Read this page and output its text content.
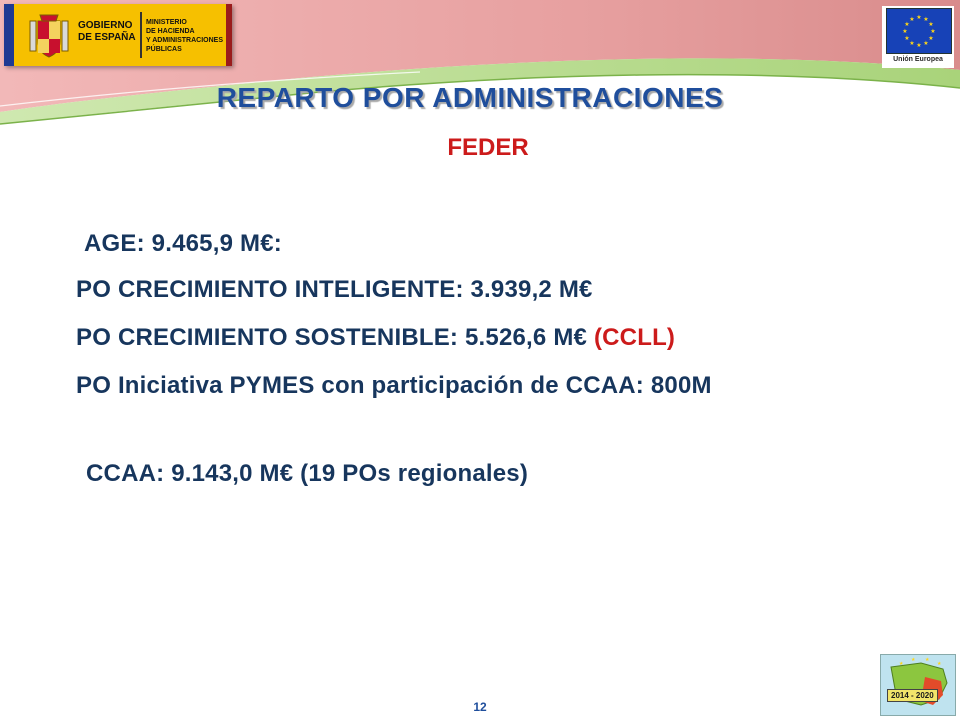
GOBIERNO
DE ESPAÑA
MINISTERIO
DE HACIENDA
Y ADMINISTRACIONES
PÚBLICAS
★ ★
★
★
★
★
★
★
★
★
★
★
Unión Europea
REPARTO POR ADMINISTRACIONES
FEDER
AGE: 9.465,9 M€:
PO CRECIMIENTO INTELIGENTE: 3.939,2 M€
PO CRECIMIENTO SOSTENIBLE: 5.526,6 M€ (CCLL)
PO Iniciativa PYMES con participación de CCAA: 800M
CCAA: 9.143,0 M€ (19 POs regionales)
12
★
★ ★
★
2014 - 2020
